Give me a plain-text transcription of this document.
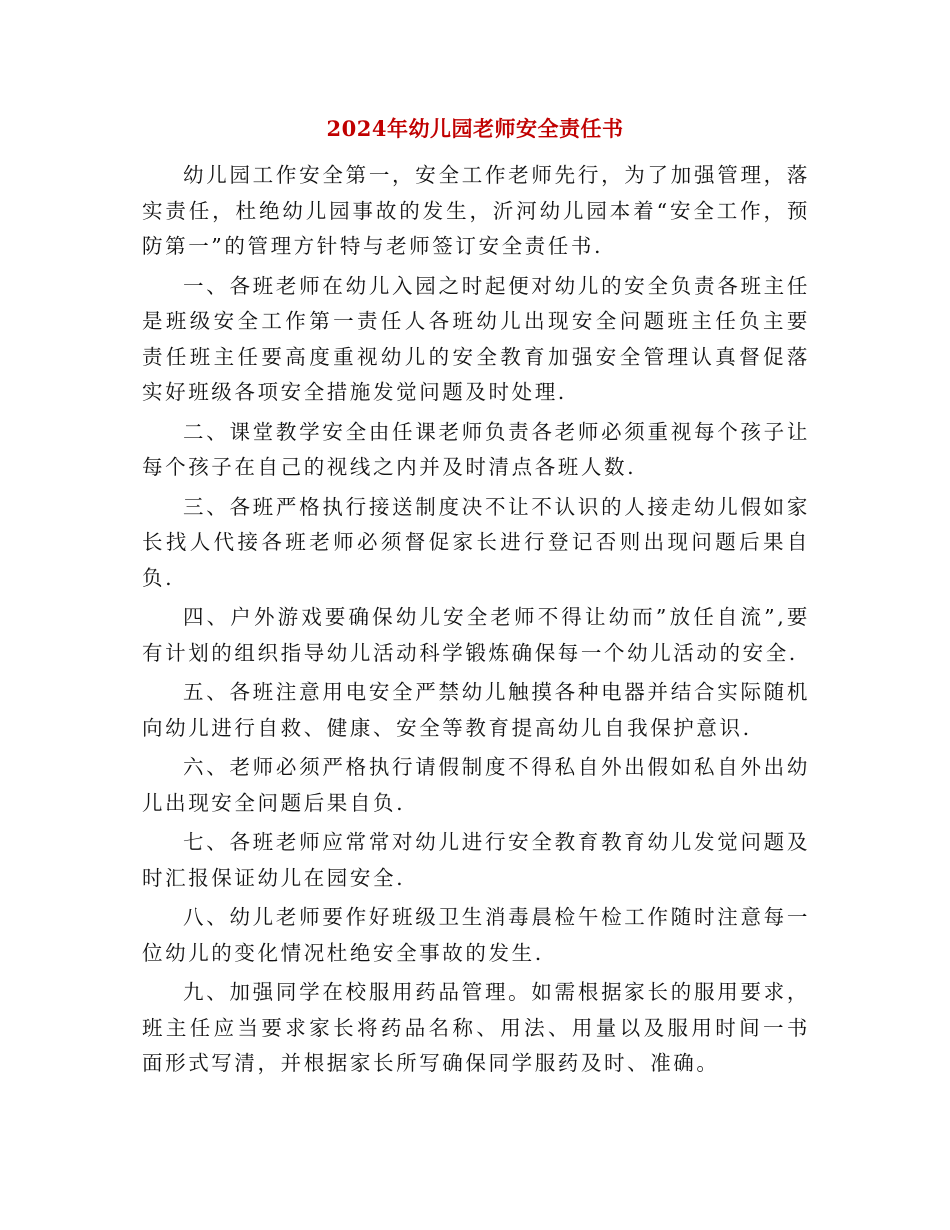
2024年幼儿园老师安全责任书

幼儿园工作安全第一，安全工作老师先行，为了加强管理，落实责任，杜绝幼儿园事故的发生，沂河幼儿园本着“安全工作，预防第一”的管理方针特与老师签订安全责任书.

一、各班老师在幼儿入园之时起便对幼儿的安全负责各班主任是班级安全工作第一责任人各班幼儿出现安全问题班主任负主要责任班主任要高度重视幼儿的安全教育加强安全管理认真督促落实好班级各项安全措施发觉问题及时处理.

二、课堂教学安全由任课老师负责各老师必须重视每个孩子让每个孩子在自己的视线之内并及时清点各班人数.

三、各班严格执行接送制度决不让不认识的人接走幼儿假如家长找人代接各班老师必须督促家长进行登记否则出现问题后果自负.

四、户外游戏要确保幼儿安全老师不得让幼而”放任自流”,要有计划的组织指导幼儿活动科学锻炼确保每一个幼儿活动的安全.

五、各班注意用电安全严禁幼儿触摸各种电器并结合实际随机向幼儿进行自救、健康、安全等教育提高幼儿自我保护意识.

六、老师必须严格执行请假制度不得私自外出假如私自外出幼儿出现安全问题后果自负.

七、各班老师应常常对幼儿进行安全教育教育幼儿发觉问题及时汇报保证幼儿在园安全.

八、幼儿老师要作好班级卫生消毒晨检午检工作随时注意每一位幼儿的变化情况杜绝安全事故的发生.

九、加强同学在校服用药品管理。如需根据家长的服用要求，班主任应当要求家长将药品名称、用法、用量以及服用时间一书面形式写清，并根据家长所写确保同学服药及时、准确。
